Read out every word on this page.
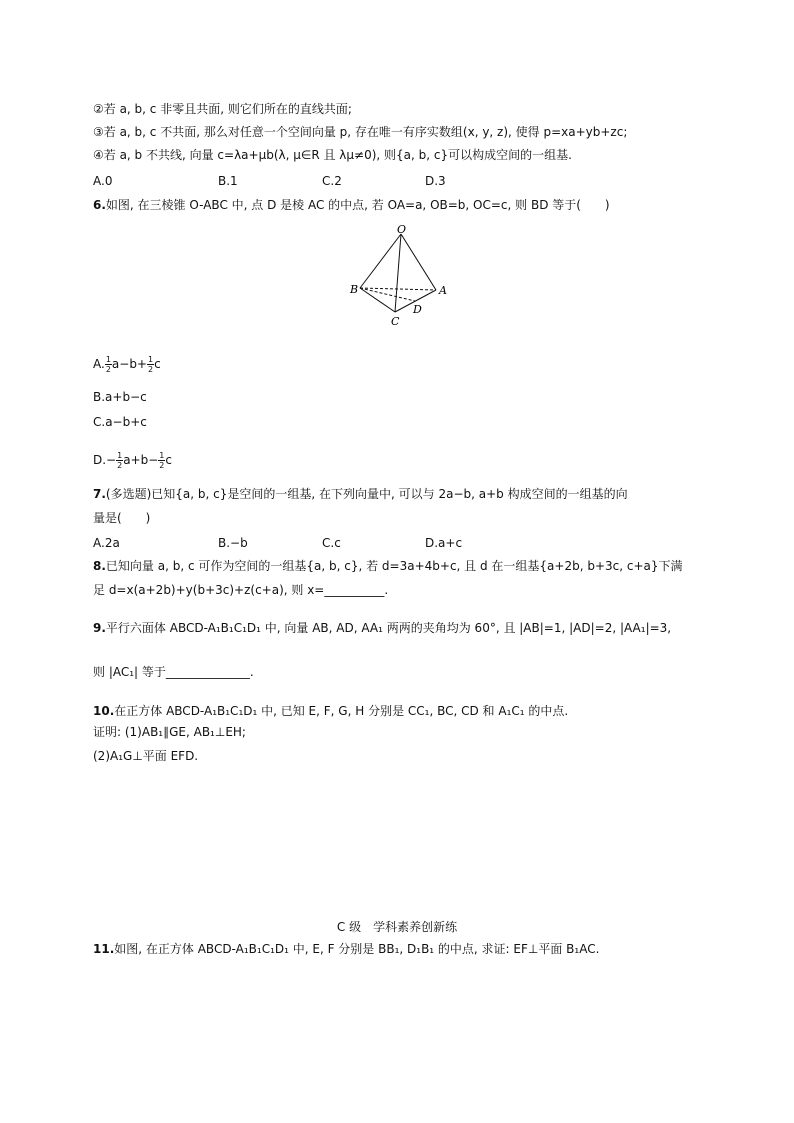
②若 a, b, c 非零且共面, 则它们所在的直线共面;
③若 a, b, c 不共面, 那么对任意一个空间向量 p, 存在唯一有序实数组(x, y, z), 使得 p=xa+yb+zc;
④若 a, b 不共线, 向量 c=λa+μb(λ, μ∈R 且 λμ≠0), 则{a, b, c}可以构成空间的一组基.
A.0	B.1	C.2	D.3
6.如图, 在三棱锥 O-ABC 中, 点 D 是棱 AC 的中点, 若 OA=a, OB=b, OC=c, 则 BD 等于(　　)
O
B	A
C
D
A. $\frac{1}{2} a-b+ \frac{1}{2}$ c
B.a+b−c
C.a−b+c
$D.- \frac{1}{2} a+b- \frac{1}{2}$ c
7.(多选题)已知{a, b, c}是空间的一组基, 在下列向量中, 可以与 2a−b, a+b 构成空间的一组基的向
量是(　　)
A.2a	B.−b	C.c	D.a+c
8.已知向量 a, b, c 可作为空间的一组基{a, b, c}, 若 d=3a+4b+c, 且 d 在一组基{a+2b, b+3c, c+a}下满
足 d=x(a+2b)+y(b+3c)+z(c+a), 则 x=__________.
9.平行六面体 ABCD-A₁B₁C₁D₁ 中, 向量 AB, AD, AA₁ 两两的夹角均为 60°, 且 |AB|=1, |AD|=2, |AA₁|=3,
则 |AC₁| 等于______________.
10.在正方体 ABCD-A₁B₁C₁D₁ 中, 已知 E, F, G, H 分别是 CC₁, BC, CD 和 A₁C₁ 的中点.
证明: (1)AB₁∥GE, AB₁⊥EH;
(2)A₁G⊥平面 EFD.
C 级　学科素养创新练
11.如图, 在正方体 ABCD-A₁B₁C₁D₁ 中, E, F 分别是 BB₁, D₁B₁ 的中点, 求证: EF⊥平面 B₁AC.
